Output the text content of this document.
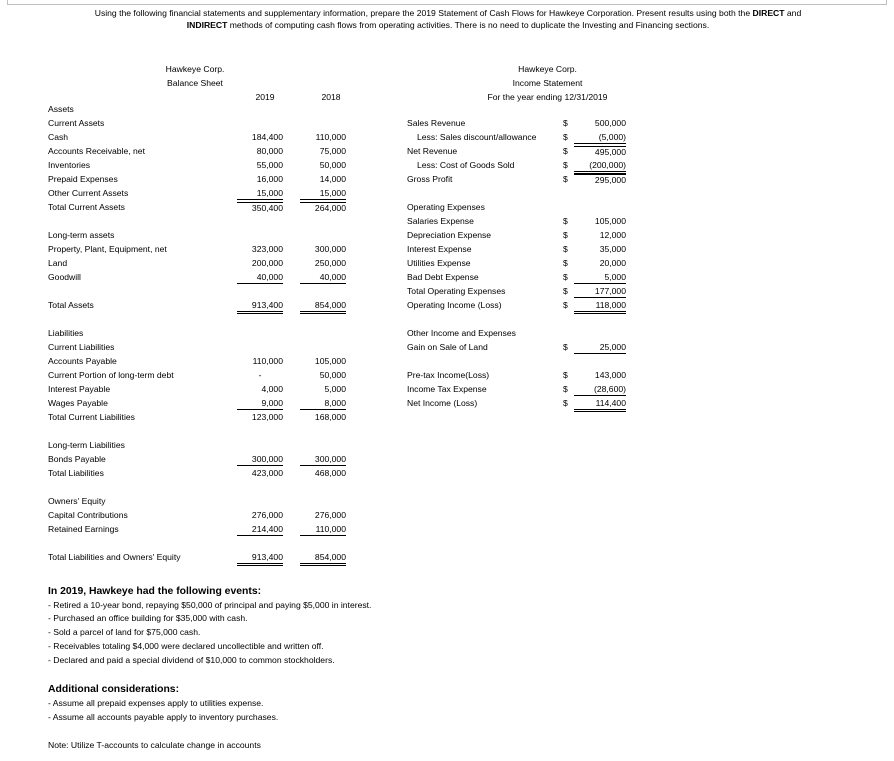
Using the following financial statements and supplementary information, prepare the 2019 Statement of Cash Flows for Hawkeye Corporation. Present results using both the DIRECT and
INDIRECT methods of computing cash flows from operating activities. There is no need to duplicate the Investing and Financing sections.
Hawkeye Corp.
Balance Sheet
2019	2018
Assets
Current Assets
Cash	184,400	110,000
Accounts Receivable, net	80,000	75,000
Inventories	55,000	50,000
Prepaid Expenses	16,000	14,000
Other Current Assets	15,000	15,000
Total Current Assets	350,400	264,000
Long-term assets
Property, Plant, Equipment, net	323,000	300,000
Land	200,000	250,000
Goodwill	40,000	40,000
Total Assets	913,400	854,000
Liabilities
Current Liabilities
Accounts Payable	110,000	105,000
Current Portion of long-term debt	-	50,000
Interest Payable	4,000	5,000
Wages Payable	9,000	8,000
Total Current Liabilities	123,000	168,000
Long-term Liabilities
Bonds Payable	300,000	300,000
Total Liabilities	423,000	468,000
Owners' Equity
Capital Contributions	276,000	276,000
Retained Earnings	214,400	110,000
Total Liabilities and Owners' Equity	913,400	854,000
Hawkeye Corp.
Income Statement
For the year ending 12/31/2019
Sales Revenue	$	500,000
Less: Sales discount/allowance	$	(5,000)
Net Revenue	$	495,000
Less: Cost of Goods Sold	$	(200,000)
Gross Profit	$	295,000
Operating Expenses
Salaries Expense	$	105,000
Depreciation Expense	$	12,000
Interest Expense	$	35,000
Utilities Expense	$	20,000
Bad Debt Expense	$	5,000
Total Operating Expenses	$	177,000
Operating Income (Loss)	$	118,000
Other Income and Expenses
Gain on Sale of Land	$	25,000
Pre-tax Income(Loss)	$	143,000
Income Tax Expense	$	(28,600)
Net Income (Loss)	$	114,400
In 2019, Hawkeye had the following events:
- Retired a 10-year bond, repaying $50,000 of principal and paying $5,000 in interest.
- Purchased an office building for $35,000 with cash.
- Sold a parcel of land for $75,000 cash.
- Receivables totaling $4,000 were declared uncollectible and written off.
- Declared and paid a special dividend of $10,000 to common stockholders.
Additional considerations:
- Assume all prepaid expenses apply to utilities expense.
- Assume all accounts payable apply to inventory purchases.
Note: Utilize T-accounts to calculate change in accounts
